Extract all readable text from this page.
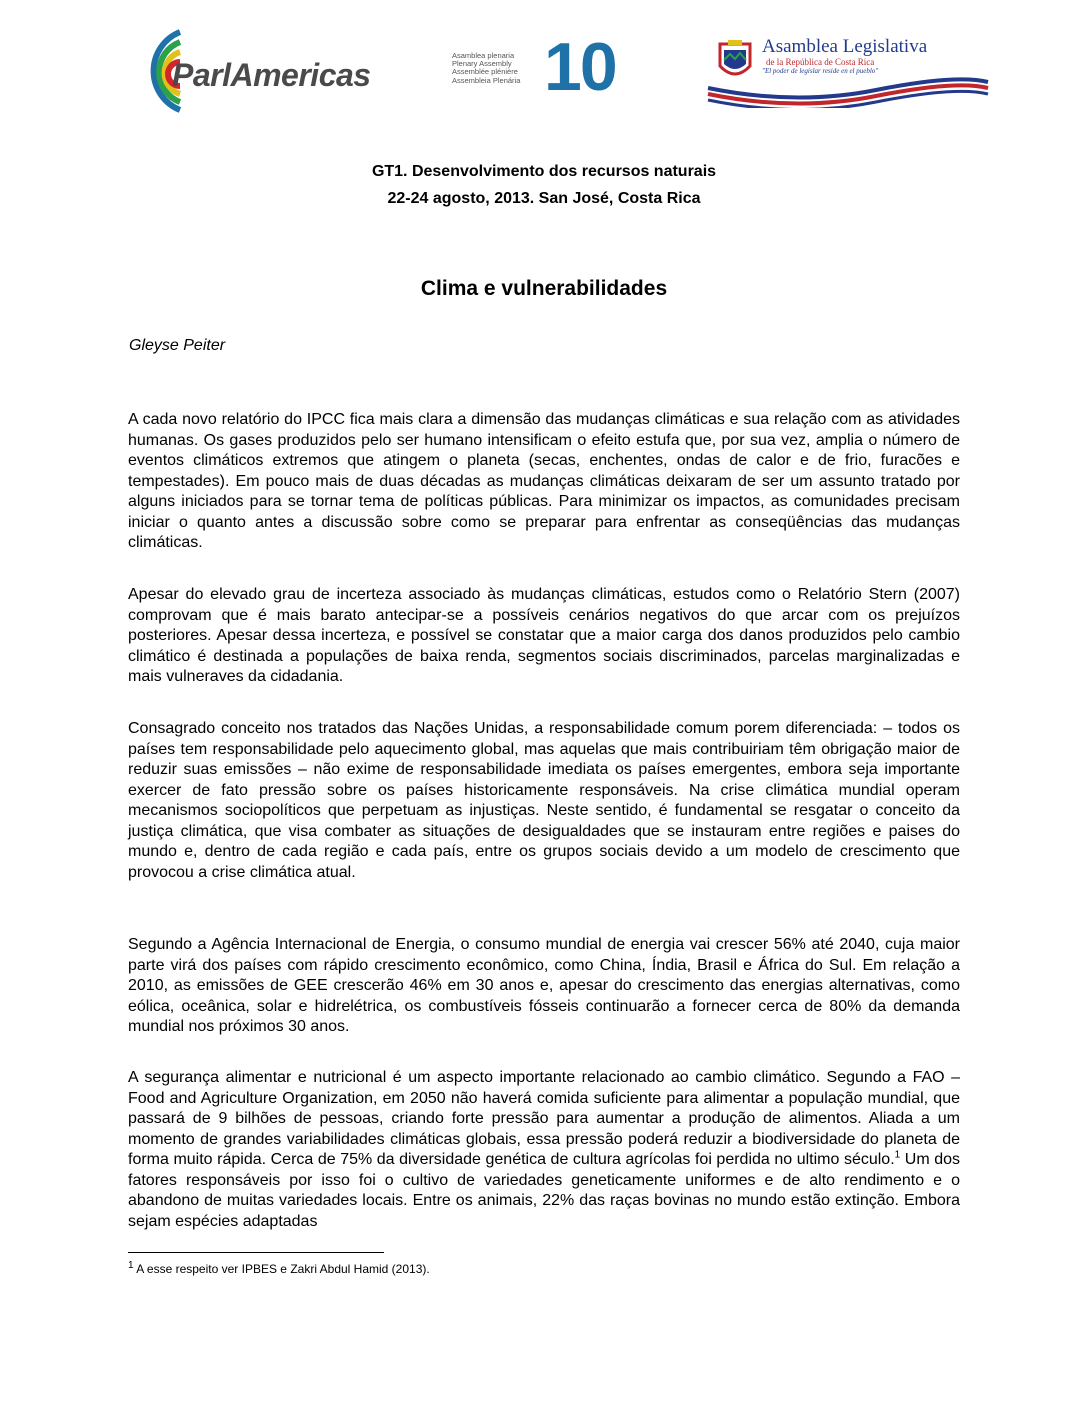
ParlAmericas
Asamblea plenaria
Plenary Assembly
Assemblée plénière
Assembleia Plenária 10	Asamblea Legislativa
de la República de Costa Rica
"El poder de legislar reside en el pueblo"
GT1. Desenvolvimento dos recursos naturais
22-24 agosto, 2013. San José, Costa Rica
Clima e vulnerabilidades
Gleyse Peiter

A cada novo relatório do IPCC fica mais clara a dimensão das mudanças climáticas e sua relação com as atividades humanas. Os gases produzidos pelo ser humano intensificam o efeito estufa que, por sua vez, amplia o número de eventos climáticos extremos que atingem o planeta (secas, enchentes, ondas de calor e de frio, furacões e tempestades). Em pouco mais de duas décadas as mudanças climáticas deixaram de ser um assunto tratado por alguns iniciados para se tornar tema de políticas públicas. Para minimizar os impactos, as comunidades precisam iniciar o quanto antes a discussão sobre como se preparar para enfrentar as conseqüências das mudanças climáticas.

Apesar do elevado grau de incerteza associado às mudanças climáticas, estudos como o Relatório Stern (2007) comprovam que é mais barato antecipar-se a possíveis cenários negativos do que arcar com os prejuízos posteriores. Apesar dessa incerteza, e possível se constatar que a maior carga dos danos produzidos pelo cambio climático é destinada a populações de baixa renda, segmentos sociais discriminados, parcelas marginalizadas e mais vulneraves da cidadania.

Consagrado conceito nos tratados das Nações Unidas, a responsabilidade comum porem diferenciada: – todos os países tem responsabilidade pelo aquecimento global, mas aquelas que mais contribuiriam têm obrigação maior de reduzir suas emissões – não exime de responsabilidade imediata os países emergentes, embora seja importante exercer de fato pressão sobre os países historicamente responsáveis. Na crise climática mundial operam mecanismos sociopolíticos que perpetuam as injustiças. Neste sentido, é fundamental se resgatar o conceito da justiça climática, que visa combater as situações de desigualdades que se instauram entre regiões e paises do mundo e, dentro de cada região e cada país, entre os grupos sociais devido a um modelo de crescimento que provocou a crise climática atual.

Segundo a Agência Internacional de Energia, o consumo mundial de energia vai crescer 56% até 2040, cuja maior parte virá dos países com rápido crescimento econômico, como China, Índia, Brasil e África do Sul. Em relação a 2010, as emissões de GEE crescerão 46% em 30 anos e, apesar do crescimento das energias alternativas, como eólica, oceânica, solar e hidrelétrica, os combustíveis fósseis continuarão a fornecer cerca de 80% da demanda mundial nos próximos 30 anos.

A segurança alimentar e nutricional é um aspecto importante relacionado ao cambio climático. Segundo a FAO – Food and Agriculture Organization, em 2050 não haverá comida suficiente para alimentar a população mundial, que passará de 9 bilhões de pessoas, criando forte pressão para aumentar a produção de alimentos. Aliada a um momento de grandes variabilidades climáticas globais, essa pressão poderá reduzir a biodiversidade do planeta de forma muito rápida. Cerca de 75% da diversidade genética de cultura agrícolas foi perdida no ultimo século.$^1$ Um dos fatores responsáveis por isso foi o cultivo de variedades geneticamente uniformes e de alto rendimento e o abandono de muitas variedades locais. Entre os animais, 22% das raças bovinas no mundo estão extinção. Embora sejam espécies adaptadas

$^1$ A esse respeito ver IPBES e Zakri Abdul Hamid (2013).
